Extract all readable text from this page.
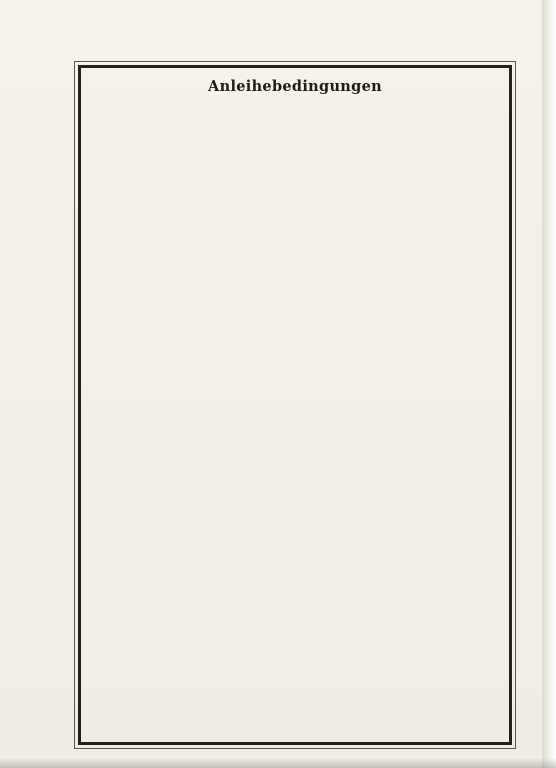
Anleihebedingungen
